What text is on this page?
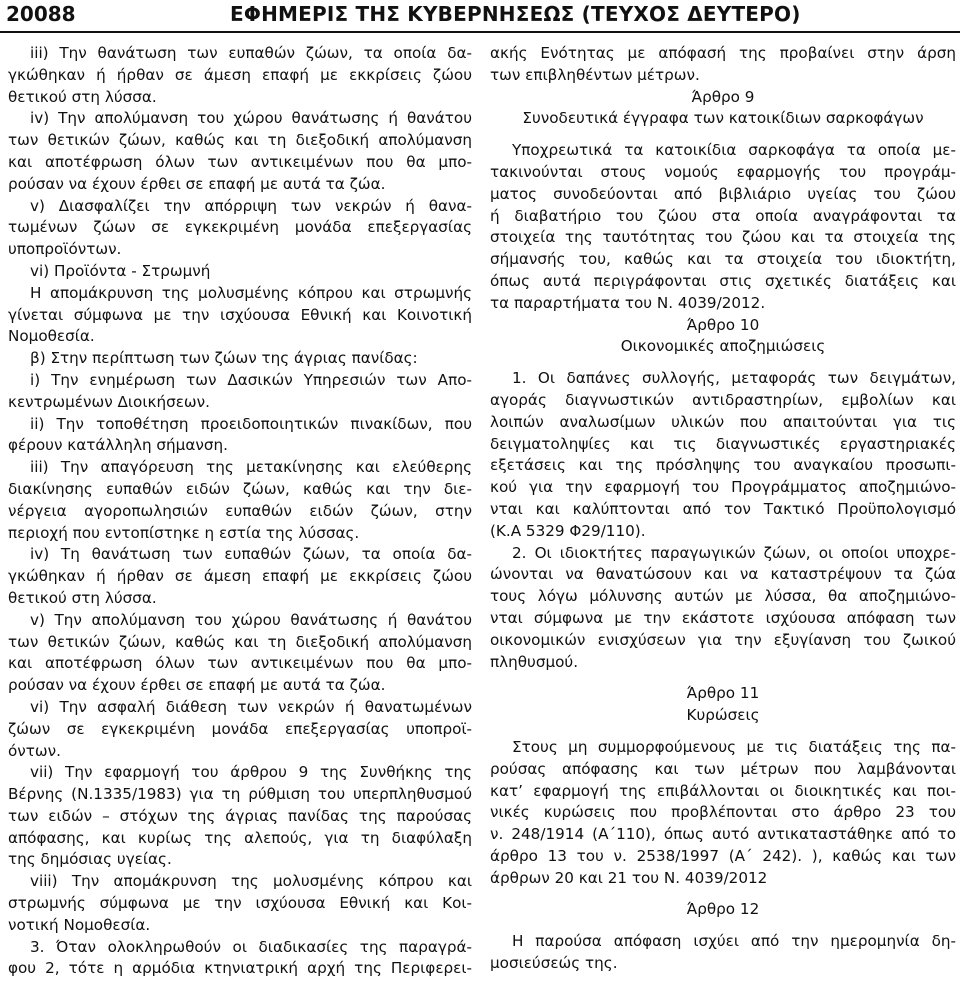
20088	ΕΦΗΜΕΡΙΣ ΤΗΣ ΚΥΒΕΡΝΗΣΕΩΣ (ΤΕΥΧΟΣ ΔΕΥΤΕΡΟ)
iii) Την θανάτωση των ευπαθών ζώων, τα οποία δα-
γκώθηκαν ή ήρθαν σε άμεση επαφή με εκκρίσεις ζώου
θετικού στη λύσσα.
iv) Την απολύμανση του χώρου θανάτωσης ή θανάτου
των θετικών ζώων, καθώς και τη διεξοδική απολύμανση
και αποτέφρωση όλων των αντικειμένων που θα μπο-
ρούσαν να έχουν έρθει σε επαφή με αυτά τα ζώα.
v) Διασφαλίζει την απόρριψη των νεκρών ή θανα-
τωμένων ζώων σε εγκεκριμένη μονάδα επεξεργασίας
υποπροϊόντων.
vi) Προϊόντα - Στρωμνή
Η απομάκρυνση της μολυσμένης κόπρου και στρωμνής
γίνεται σύμφωνα με την ισχύουσα Εθνική και Κοινοτική
Νομοθεσία.
β) Στην περίπτωση των ζώων της άγριας πανίδας:
i) Την ενημέρωση των Δασικών Υπηρεσιών των Απο-
κεντρωμένων Διοικήσεων.
ii) Την τοποθέτηση προειδοποιητικών πινακίδων, που
φέρουν κατάλληλη σήμανση.
iii) Την απαγόρευση της μετακίνησης και ελεύθερης
διακίνησης ευπαθών ειδών ζώων, καθώς και την διε-
νέργεια αγοροπωλησιών ευπαθών ειδών ζώων, στην
περιοχή που εντοπίστηκε η εστία της λύσσας.
iv) Τη θανάτωση των ευπαθών ζώων, τα οποία δα-
γκώθηκαν ή ήρθαν σε άμεση επαφή με εκκρίσεις ζώου
θετικού στη λύσσα.
v) Την απολύμανση του χώρου θανάτωσης ή θανάτου
των θετικών ζώων, καθώς και τη διεξοδική απολύμανση
και αποτέφρωση όλων των αντικειμένων που θα μπο-
ρούσαν να έχουν έρθει σε επαφή με αυτά τα ζώα.
vi) Την ασφαλή διάθεση των νεκρών ή θανατωμένων
ζώων σε εγκεκριμένη μονάδα επεξεργασίας υποπροϊ-
όντων.
vii) Την εφαρμογή του άρθρου 9 της Συνθήκης της
Βέρνης (Ν.1335/1983) για τη ρύθμιση του υπερπληθυσμού
των ειδών – στόχων της άγριας πανίδας της παρούσας
απόφασης, και κυρίως της αλεπούς, για τη διαφύλαξη
της δημόσιας υγείας.
viii) Την απομάκρυνση της μολυσμένης κόπρου και
στρωμνής σύμφωνα με την ισχύουσα Εθνική και Κοι-
νοτική Νομοθεσία.
3. Όταν ολοκληρωθούν οι διαδικασίες της παραγρά-
φου 2, τότε η αρμόδια κτηνιατρική αρχή της Περιφερει-
ακής Ενότητας με απόφασή της προβαίνει στην άρση
των επιβληθέντων μέτρων.
Άρθρο 9
Συνοδευτικά έγγραφα των κατοικίδιων σαρκοφάγων
Υποχρεωτικά τα κατοικίδια σαρκοφάγα τα οποία με-
τακινούνται στους νομούς εφαρμογής του προγράμ-
ματος συνοδεύονται από βιβλιάριο υγείας του ζώου
ή διαβατήριο του ζώου στα οποία αναγράφονται τα
στοιχεία της ταυτότητας του ζώου και τα στοιχεία της
σήμανσής του, καθώς και τα στοιχεία του ιδιοκτήτη,
όπως αυτά περιγράφονται στις σχετικές διατάξεις και
τα παραρτήματα του Ν. 4039/2012.
Άρθρο 10
Οικονομικές αποζημιώσεις
1. Οι δαπάνες συλλογής, μεταφοράς των δειγμάτων,
αγοράς διαγνωστικών αντιδραστηρίων, εμβολίων και
λοιπών αναλωσίμων υλικών που απαιτούνται για τις
δειγματοληψίες και τις διαγνωστικές εργαστηριακές
εξετάσεις και της πρόσληψης του αναγκαίου προσωπι-
κού για την εφαρμογή του Προγράμματος αποζημιώνο-
νται και καλύπτονται από τον Τακτικό Προϋπολογισμό
(Κ.Α 5329 Φ29/110).
2. Οι ιδιοκτήτες παραγωγικών ζώων, οι οποίοι υποχρε-
ώνονται να θανατώσουν και να καταστρέψουν τα ζώα
τους λόγω μόλυνσης αυτών με λύσσα, θα αποζημιώνο-
νται σύμφωνα με την εκάστοτε ισχύουσα απόφαση των
οικονομικών ενισχύσεων για την εξυγίανση του ζωικού
πληθυσμού.
Άρθρο 11
Κυρώσεις
Στους μη συμμορφούμενους με τις διατάξεις της πα-
ρούσας απόφασης και των μέτρων που λαμβάνονται
κατ’ εφαρμογή της επιβάλλονται οι διοικητικές και ποι-
νικές κυρώσεις που προβλέπονται στο άρθρο 23 του
ν. 248/1914 (Α΄110), όπως αυτό αντικαταστάθηκε από το
άρθρο 13 του ν. 2538/1997 (Α΄ 242). ), καθώς και των
άρθρων 20 και 21 του Ν. 4039/2012
Άρθρο 12
Η παρούσα απόφαση ισχύει από την ημερομηνία δη-
μοσιεύσεώς της.
